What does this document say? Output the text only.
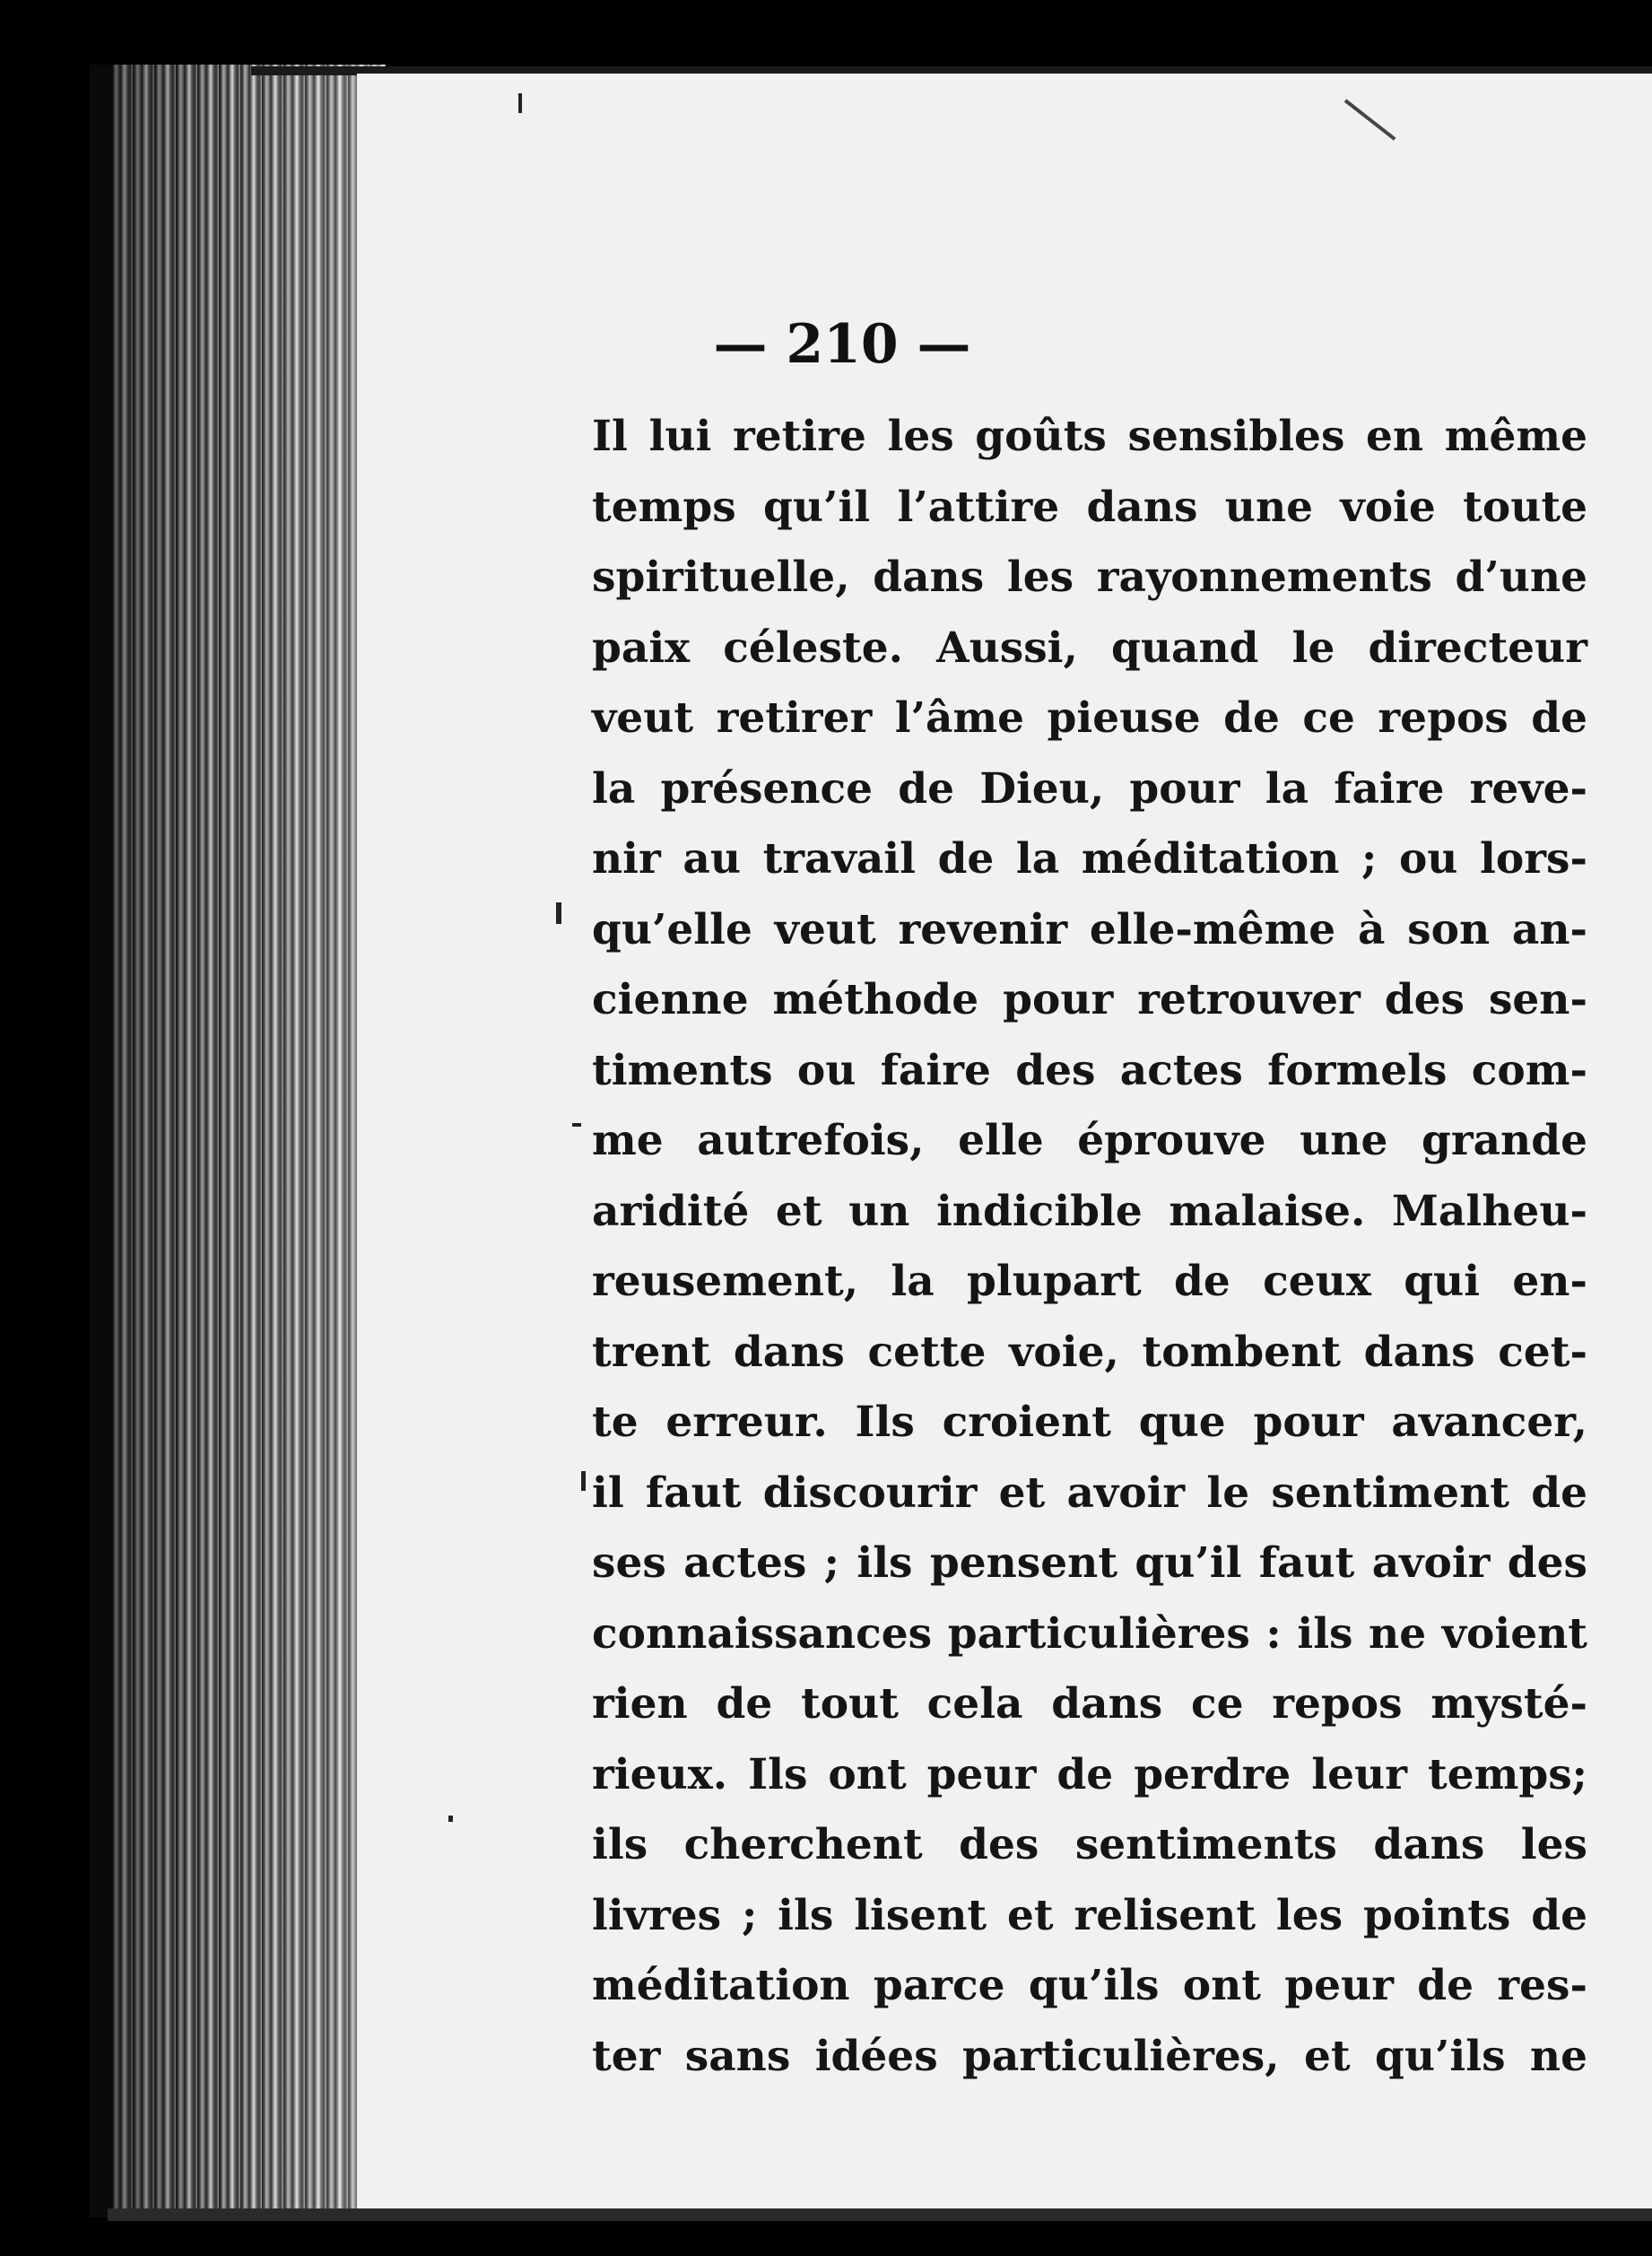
— 210 —
Il lui retire les goûts sensibles en même
temps qu’il l’attire dans une voie toute
spirituelle, dans les rayonnements d’une
paix céleste. Aussi, quand le directeur
veut retirer l’âme pieuse de ce repos de
la présence de Dieu, pour la faire reve-
nir au travail de la méditation ; ou lors-
qu’elle veut revenir elle-même à son an-
cienne méthode pour retrouver des sen-
timents ou faire des actes formels com-
me autrefois, elle éprouve une grande
aridité et un indicible malaise. Malheu-
reusement, la plupart de ceux qui en-
trent dans cette voie, tombent dans cet-
te erreur. Ils croient que pour avancer,
il faut discourir et avoir le sentiment de
ses actes ; ils pensent qu’il faut avoir des
connaissances particulières : ils ne voient
rien de tout cela dans ce repos mysté-
rieux. Ils ont peur de perdre leur temps;
ils cherchent des sentiments dans les
livres ; ils lisent et relisent les points de
méditation parce qu’ils ont peur de res-
ter sans idées particulières, et qu’ils ne
